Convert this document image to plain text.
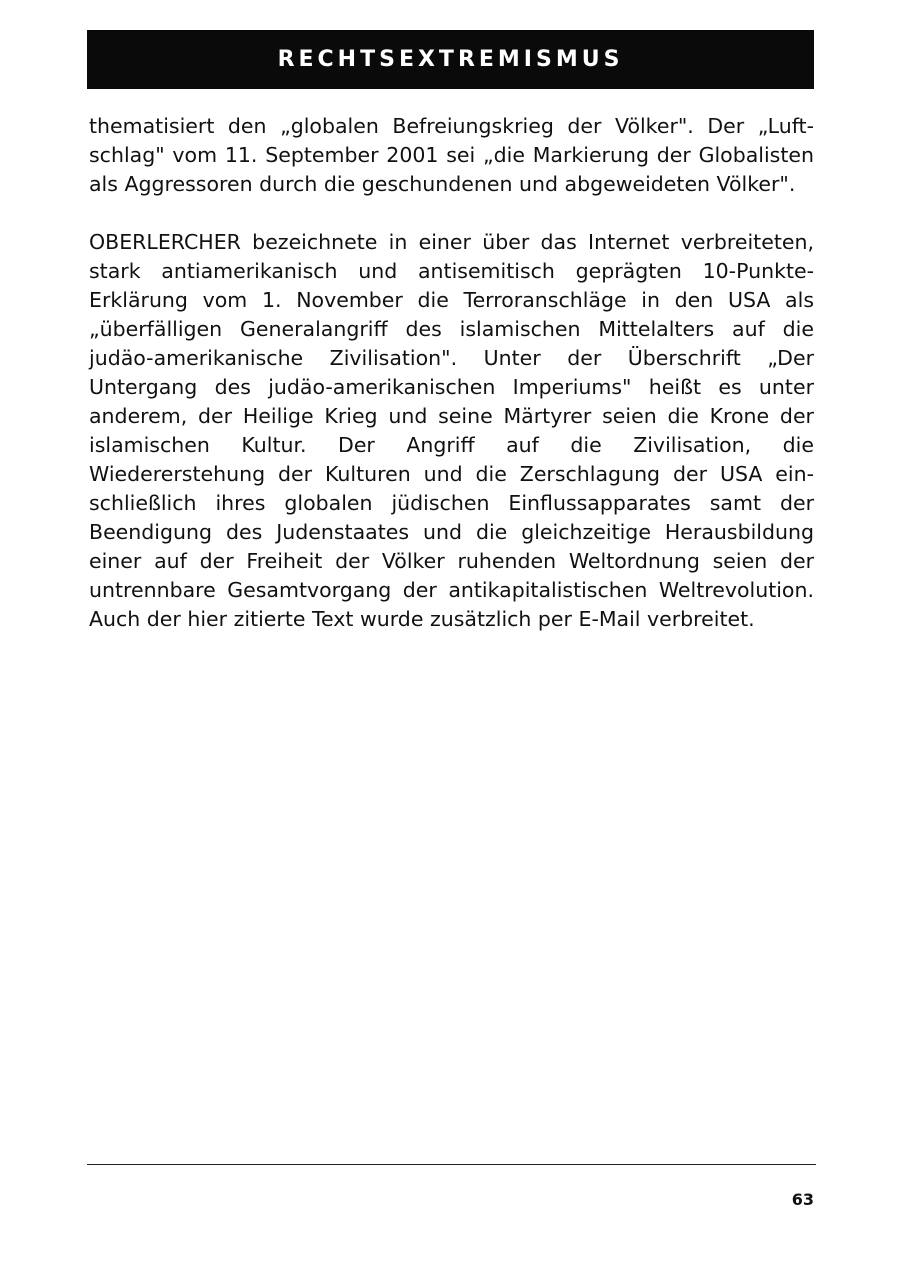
RECHTSEXTREMISMUS

thematisiert den „globalen Befreiungskrieg der Völker". Der „Luftschlag" vom 11. September 2001 sei „die Markierung der Globalisten als Aggressoren durch die geschundenen und abgeweideten Völker".

OBERLERCHER bezeichnete in einer über das Internet verbreiteten, stark antiamerikanisch und antisemitisch geprägten 10-Punkte-Erklärung vom 1. November die Terroranschläge in den USA als „überfälligen Generalangriff des islamischen Mittelalters auf die judäo-amerikanische Zivilisation". Unter der Überschrift „Der Untergang des judäo-amerikanischen Imperiums" heißt es unter anderem, der Heilige Krieg und seine Märtyrer seien die Krone der islamischen Kultur. Der Angriff auf die Zivilisation, die Wiedererstehung der Kulturen und die Zerschlagung der USA einschließlich ihres globalen jüdischen Einflussapparates samt der Beendigung des Judenstaates und die gleichzeitige Herausbildung einer auf der Freiheit der Völker ruhenden Weltordnung seien der untrennbare Gesamtvorgang der antikapitalistischen Weltrevolution. Auch der hier zitierte Text wurde zusätzlich per E-Mail verbreitet.

63
